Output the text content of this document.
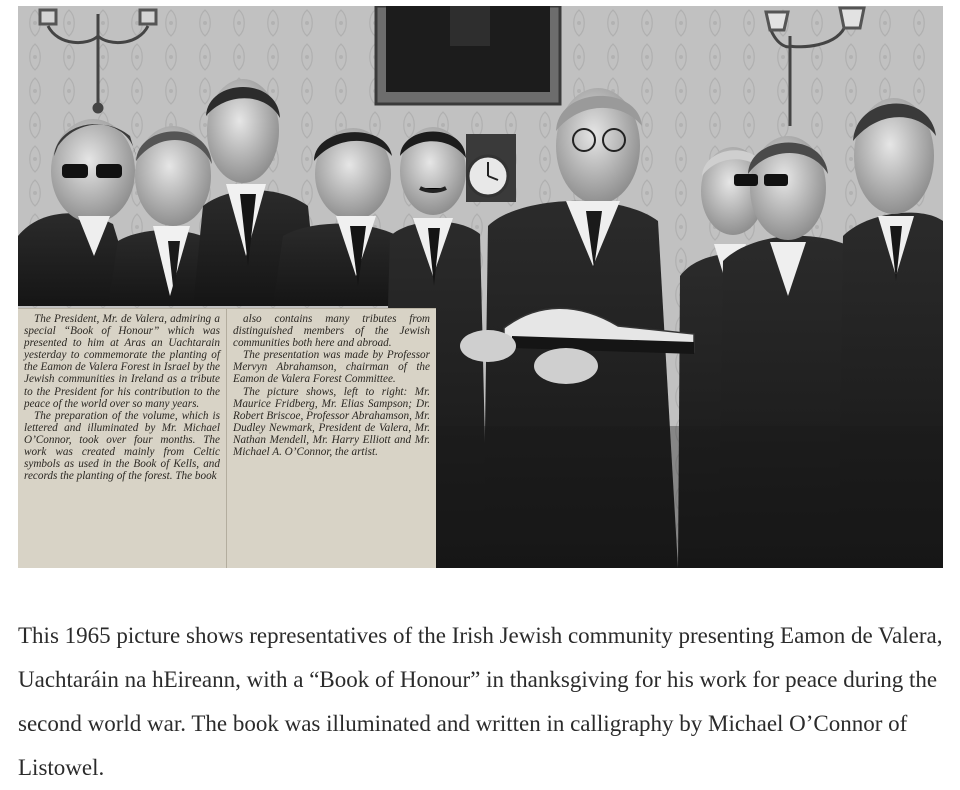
The President, Mr. de Valera, admiring a special “Book of Honour” which was presented to him at Aras an Uachtarain yesterday to commemorate the planting of the Eamon de Valera Forest in Israel by the Jewish communities in Ireland as a tribute to the President for his contribution to the peace of the world over so many years.

The preparation of the volume, which is lettered and illuminated by Mr. Michael O’Connor, took over four months. The work was created mainly from Celtic symbols as used in the Book of Kells, and records the planting of the forest. The book

also contains many tributes from distinguished members of the Jewish communities both here and abroad.

The presentation was made by Professor Mervyn Abrahamson, chairman of the Eamon de Valera Forest Committee.

The picture shows, left to right: Mr. Maurice Fridberg, Mr. Elias Sampson; Dr. Robert Briscoe, Professor Abrahamson, Mr. Dudley Newmark, President de Valera, Mr. Nathan Mendell, Mr. Harry Elliott and Mr. Michael A. O’Connor, the artist.

This 1965 picture shows representatives of the Irish Jewish community presenting Eamon de Valera, Uachtaráin na hEireann, with a “Book of Honour” in thanksgiving for his work for peace during the second world war. The book was illuminated and written in calligraphy by Michael O’Connor of Listowel.
